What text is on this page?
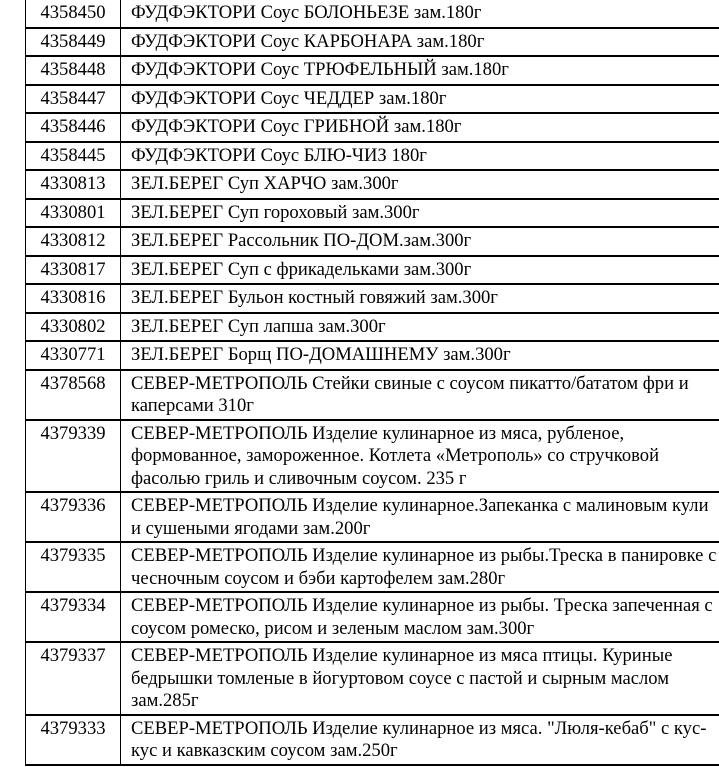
4358450	ФУДФЭКТОРИ Соус БОЛОНЬЕЗЕ зам.180г
4358449	ФУДФЭКТОРИ Соус КАРБОНАРА зам.180г
4358448	ФУДФЭКТОРИ Соус ТРЮФЕЛЬНЫЙ зам.180г
4358447	ФУДФЭКТОРИ Соус ЧЕДДЕР зам.180г
4358446	ФУДФЭКТОРИ Соус ГРИБНОЙ зам.180г
4358445	ФУДФЭКТОРИ Соус БЛЮ-ЧИЗ 180г
4330813	ЗЕЛ.БЕРЕГ Суп ХАРЧО зам.300г
4330801	ЗЕЛ.БЕРЕГ Суп гороховый зам.300г
4330812	ЗЕЛ.БЕРЕГ Рассольник ПО-ДОМ.зам.300г
4330817	ЗЕЛ.БЕРЕГ Суп с фрикадельками зам.300г
4330816	ЗЕЛ.БЕРЕГ Бульон костный говяжий зам.300г
4330802	ЗЕЛ.БЕРЕГ Суп лапша зам.300г
4330771	ЗЕЛ.БЕРЕГ Борщ ПО-ДОМАШНЕМУ зам.300г
4378568	СЕВЕР-МЕТРОПОЛЬ Стейки свиные с соусом пикатто/бататом фри и каперсами 310г
4379339	СЕВЕР-МЕТРОПОЛЬ Изделие кулинарное из мяса, рубленое, формованное, замороженное. Котлета «Метрополь» со стручковой фасолью гриль и сливочным соусом. 235 г
4379336	СЕВЕР-МЕТРОПОЛЬ Изделие кулинарное.Запеканка с малиновым кули и сушеными ягодами зам.200г
4379335	СЕВЕР-МЕТРОПОЛЬ Изделие кулинарное из рыбы.Треска в панировке с чесночным соусом и бэби картофелем зам.280г
4379334	СЕВЕР-МЕТРОПОЛЬ Изделие кулинарное из рыбы. Треска запеченная с соусом ромеско, рисом и зеленым маслом зам.300г
4379337	СЕВЕР-МЕТРОПОЛЬ Изделие кулинарное из мяса птицы. Куриные бедрышки томленые в йогуртовом соусе с пастой и сырным маслом зам.285г
4379333	СЕВЕР-МЕТРОПОЛЬ Изделие кулинарное из мяса. "Люля-кебаб" с кус-кус и кавказским соусом зам.250г
